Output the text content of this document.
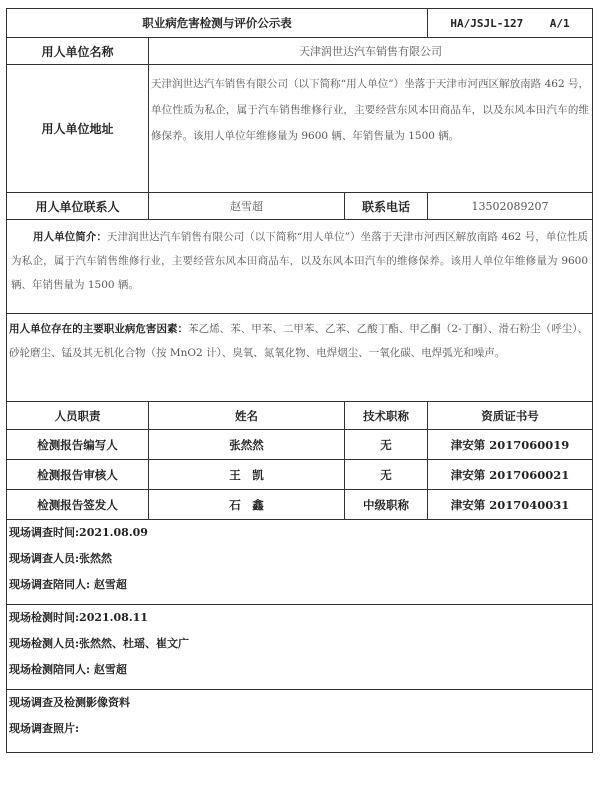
职业病危害检测与评价公示表			HA/JSJL-127 A/1
用人单位名称	天津润世达汽车销售有限公司		
用人单位地址	天津润世达汽车销售有限公司（以下简称“用人单位”）坐落于天津市河西区解放南路 462 号，单位性质为私企，属于汽车销售维修行业，主要经营东风本田商品车，以及东风本田汽车的维修保养。该用人单位年维修量为 9600 辆、年销售量为 1500 辆。		

用人单位联系人	赵雪超	联系电话	13502089207

用人单位简介：天津润世达汽车销售有限公司（以下简称“用人单位”）坐落于天津市河西区解放南路 462 号，单位性质为私企，属于汽车销售维修行业，主要经营东风本田商品车，以及东风本田汽车的维修保养。该用人单位年维修量为 9600 辆、年销售量为 1500 辆。			

用人单位存在的主要职业病危害因素：苯乙烯、苯、甲苯、二甲苯、乙苯、乙酸丁酯、甲乙酮（2-丁酮）、滑石粉尘（呼尘）、砂轮磨尘、锰及其无机化合物（按 MnO2 计）、臭氧、氮氧化物、电焊烟尘、一氧化碳、电焊弧光和噪声。			

人员职责	姓名	技术职称	资质证书号
检测报告编写人	张然然	无	津安第 2017060019
检测报告审核人	王　凯	无	津安第 2017060021
检测报告签发人	石　鑫	中级职称	津安第 2017040031

现场调查时间:2021.08.09
现场调查人员:张然然
现场调查陪同人: 赵雪超			

现场检测时间:2021.08.11
现场检测人员:张然然、杜瑶、崔文广
现场检测陪同人: 赵雪超			

现场调查及检测影像资料
现场调查照片:			
